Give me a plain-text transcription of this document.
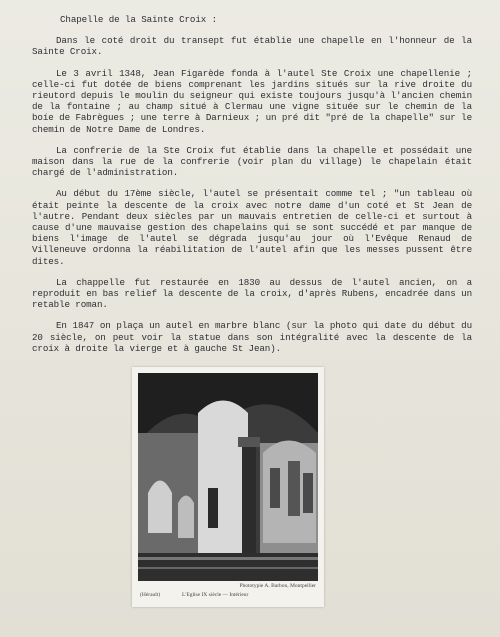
Chapelle de la Sainte Croix :

Dans le coté droit du transept fut établie une chapelle en l'honneur de la Sainte Croix.

Le 3 avril 1348, Jean Figarède fonda à l'autel Ste Croix une chapellenie ; celle-ci fut dotée de biens comprenant les jardins situés sur la rive droite du rieutord depuis le moulin du seigneur qui existe toujours jusqu'à l'ancien chemin de la fontaine ; au champ situé à Clermau une vigne située sur le chemin de la boíe de Fabrègues ; une terre à Darnieux ; un pré dit "pré de la chapelle" sur le chemin de Notre Dame de Londres.

La confrerie de la Ste Croix fut établie dans la chapelle et possédait une maison dans la rue de la confrerie (voir plan du village) le chapelain était chargé de l'administration.

Au début du 17ème siècle, l'autel se présentait comme tel ; "un tableau où était peinte la descente de la croix avec notre dame d'un coté et St Jean de l'autre. Pendant deux siècles par un mauvais entretien de celle-ci et surtout à cause d'une mauvaise gestion des chapelains qui se sont succédé et par manque de biens l'image de l'autel se dégrada jusqu'au jour où l'Evêque Renaud de Villeneuve ordonna la réabilitation de l'autel afin que les messes pussent être dites.

La chappelle fut restaurée en 1830 au dessus de l'autel ancien, on a reproduit en bas relief la descente de la croix, d'après Rubens, encadrée dans un retable roman.

En 1847 on plaça un autel en marbre blanc (sur la photo qui date du début du 20 siècle, on peut voir la statue dans son intégralité avec la descente de la croix à droite la vierge et à gauche St Jean).

Phototypie A. Barbon, Montpellier
(Hérault)	L'Eglise IX siècle — Intérieur
